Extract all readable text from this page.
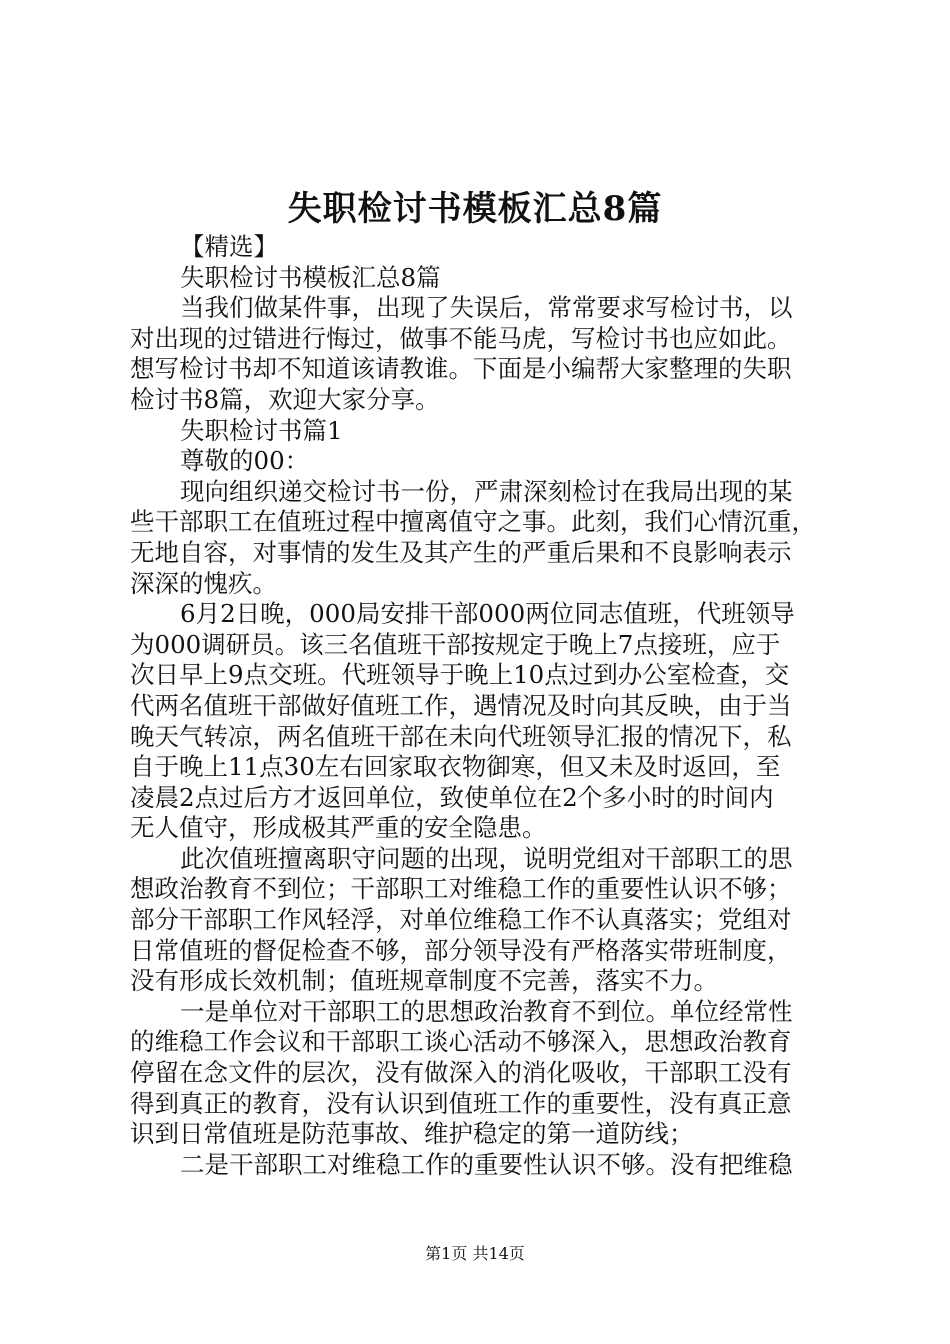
失职检讨书模板汇总8篇
【精选】
失职检讨书模板汇总8篇
当我们做某件事，出现了失误后，常常要求写检讨书，以
对出现的过错进行悔过，做事不能马虎，写检讨书也应如此。
想写检讨书却不知道该请教谁。下面是小编帮大家整理的失职
检讨书8篇，欢迎大家分享。
失职检讨书篇1
尊敬的00：
现向组织递交检讨书一份，严肃深刻检讨在我局出现的某
些干部职工在值班过程中擅离值守之事。此刻，我们心情沉重，
无地自容，对事情的发生及其产生的严重后果和不良影响表示
深深的愧疚。
6月2日晚，000局安排干部000两位同志值班，代班领导
为000调研员。该三名值班干部按规定于晚上7点接班，应于
次日早上9点交班。代班领导于晚上10点过到办公室检查，交
代两名值班干部做好值班工作，遇情况及时向其反映，由于当
晚天气转凉，两名值班干部在未向代班领导汇报的情况下，私
自于晚上11点30左右回家取衣物御寒，但又未及时返回，至
凌晨2点过后方才返回单位，致使单位在2个多小时的时间内
无人值守，形成极其严重的安全隐患。
此次值班擅离职守问题的出现，说明党组对干部职工的思
想政治教育不到位；干部职工对维稳工作的重要性认识不够；
部分干部职工作风轻浮，对单位维稳工作不认真落实；党组对
日常值班的督促检查不够，部分领导没有严格落实带班制度，
没有形成长效机制；值班规章制度不完善，落实不力。
一是单位对干部职工的思想政治教育不到位。单位经常性
的维稳工作会议和干部职工谈心活动不够深入，思想政治教育
停留在念文件的层次，没有做深入的消化吸收，干部职工没有
得到真正的教育，没有认识到值班工作的重要性，没有真正意
识到日常值班是防范事故、维护稳定的第一道防线；
二是干部职工对维稳工作的重要性认识不够。没有把维稳
第1页 共14页
